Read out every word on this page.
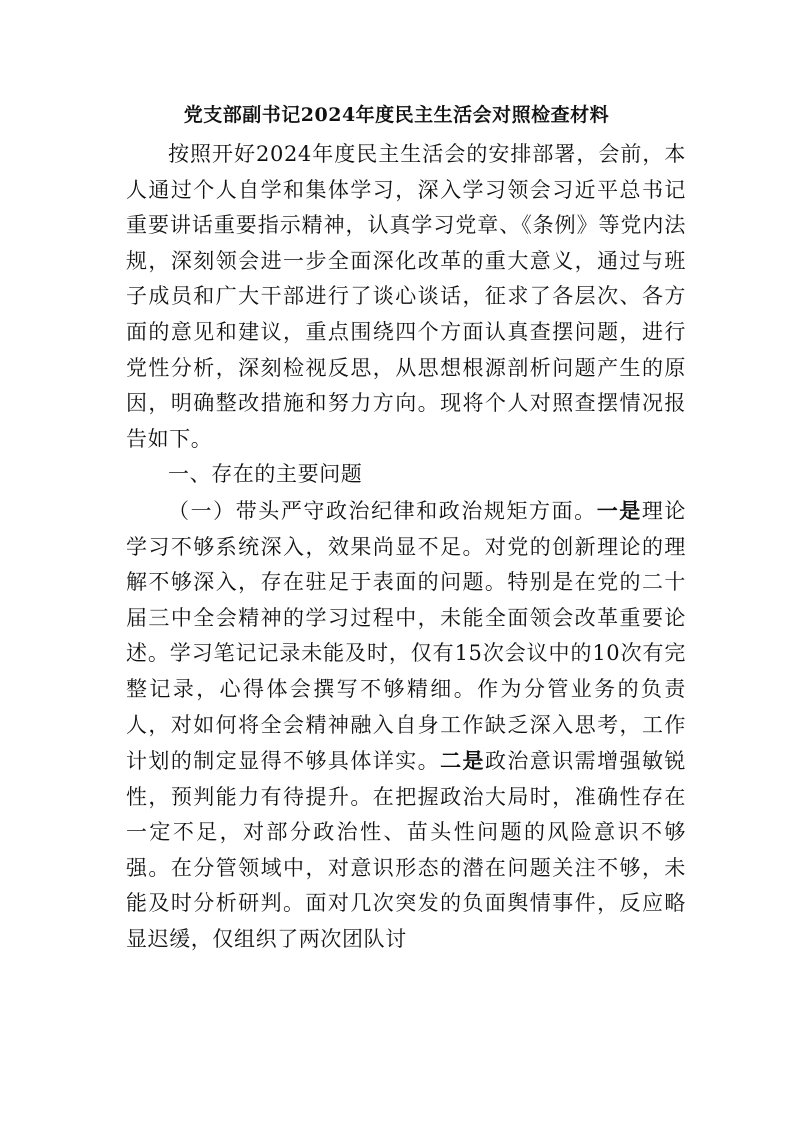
党支部副书记2024年度民主生活会对照检查材料

按照开好2024年度民主生活会的安排部署，会前，本人通过个人自学和集体学习，深入学习领会习近平总书记重要讲话重要指示精神，认真学习党章、《条例》等党内法规，深刻领会进一步全面深化改革的重大意义，通过与班子成员和广大干部进行了谈心谈话，征求了各层次、各方面的意见和建议，重点围绕四个方面认真查摆问题，进行党性分析，深刻检视反思，从思想根源剖析问题产生的原因，明确整改措施和努力方向。现将个人对照查摆情况报告如下。

一、存在的主要问题

（一）带头严守政治纪律和政治规矩方面。一是理论学习不够系统深入，效果尚显不足。对党的创新理论的理解不够深入，存在驻足于表面的问题。特别是在党的二十届三中全会精神的学习过程中，未能全面领会改革重要论述。学习笔记记录未能及时，仅有15次会议中的10次有完整记录，心得体会撰写不够精细。作为分管业务的负责人，对如何将全会精神融入自身工作缺乏深入思考，工作计划的制定显得不够具体详实。二是政治意识需增强敏锐性，预判能力有待提升。在把握政治大局时，准确性存在一定不足，对部分政治性、苗头性问题的风险意识不够强。在分管领域中，对意识形态的潜在问题关注不够，未能及时分析研判。面对几次突发的负面舆情事件，反应略显迟缓，仅组织了两次团队讨
